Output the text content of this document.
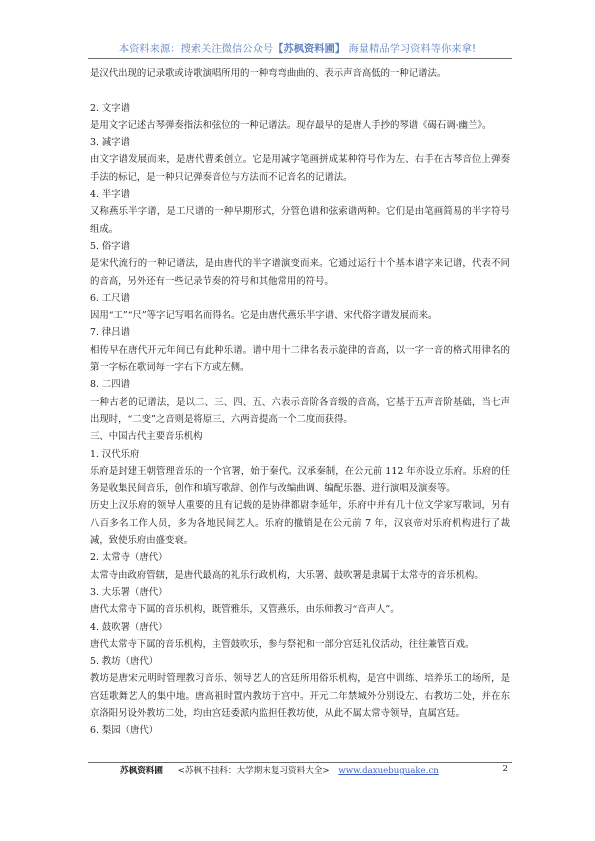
本资料来源：搜索关注微信公众号【苏枫资料圃】 海量精品学习资料等你来拿!

是汉代出现的记录歌或诗歌演唱所用的一种弯弯曲曲的、表示声音高低的一种记谱法。

2. 文字谱

是用文字记述古琴弹奏指法和弦位的一种记谱法。现存最早的是唐人手抄的琴谱《碣石调·幽兰》。

3. 减字谱

由文字谱发展而来，是唐代曹柔创立。它是用减字笔画拼成某种符号作为左、右手在古琴音位上弹奏手法的标记，是一种只记弹奏音位与方法而不记音名的记谱法。

4. 半字谱

又称燕乐半字谱，是工尺谱的一种早期形式，分管色谱和弦索谱两种。它们是由笔画简易的半字符号组成。

5. 俗字谱

是宋代流行的一种记谱法，是由唐代的半字谱演变而来。它通过运行十个基本谱字来记谱，代表不同的音高，另外还有一些记录节奏的符号和其他常用的符号。

6. 工尺谱

因用“工”“尺”等字记写唱名而得名。它是由唐代燕乐半字谱、宋代俗字谱发展而来。

7. 律吕谱

相传早在唐代开元年间已有此种乐谱。谱中用十二律名表示旋律的音高，以一字一音的格式用律名的第一字标在歌词每一字右下方或左侧。

8. 二四谱

一种古老的记谱法，是以二、三、四、五、六表示音阶各音级的音高，它基于五声音阶基础，当七声出现时，“二变”之音则是将原三、六两音提高一个二度而获得。

三、中国古代主要音乐机构

1. 汉代乐府

乐府是封建王朝管理音乐的一个官署，始于秦代。汉承秦制，在公元前 112 年亦设立乐府。乐府的任务是收集民间音乐，创作和填写歌辞、创作与改编曲调、编配乐器、进行演唱及演奏等。

历史上汉乐府的领导人重要的且有记载的是协律都尉李延年，乐府中并有几十位文学家写歌词，另有八百多名工作人员，多为各地民间艺人。乐府的撤销是在公元前 7 年，汉哀帝对乐府机构进行了裁减，致使乐府由盛变衰。

2. 太常寺（唐代）

太常寺由政府管辖，是唐代最高的礼乐行政机构，大乐署、鼓吹署是隶属于太常寺的音乐机构。

3. 大乐署（唐代）

唐代太常寺下属的音乐机构，既管雅乐，又管燕乐，由乐师教习“音声人”。

4. 鼓吹署（唐代）

唐代太常寺下属的音乐机构，主管鼓吹乐，参与祭祀和一部分宫廷礼仪活动，往往兼管百戏。

5. 教坊（唐代）

教坊是唐宋元明时管理教习音乐、领导艺人的宫廷所用俗乐机构，是宫中训练、培养乐工的场所，是宫廷歌舞艺人的集中地。唐高祖时置内教坊于宫中。开元二年禁城外分别设左、右教坊二处，并在东京洛阳另设外教坊二处，均由宫廷委派内监担任教坊使，从此不属太常寺领导，直属宫廷。

6. 梨园（唐代）

苏枫资料圃 <苏枫不挂科：大学期末复习资料大全> www.daxuebuguake.cn	2
